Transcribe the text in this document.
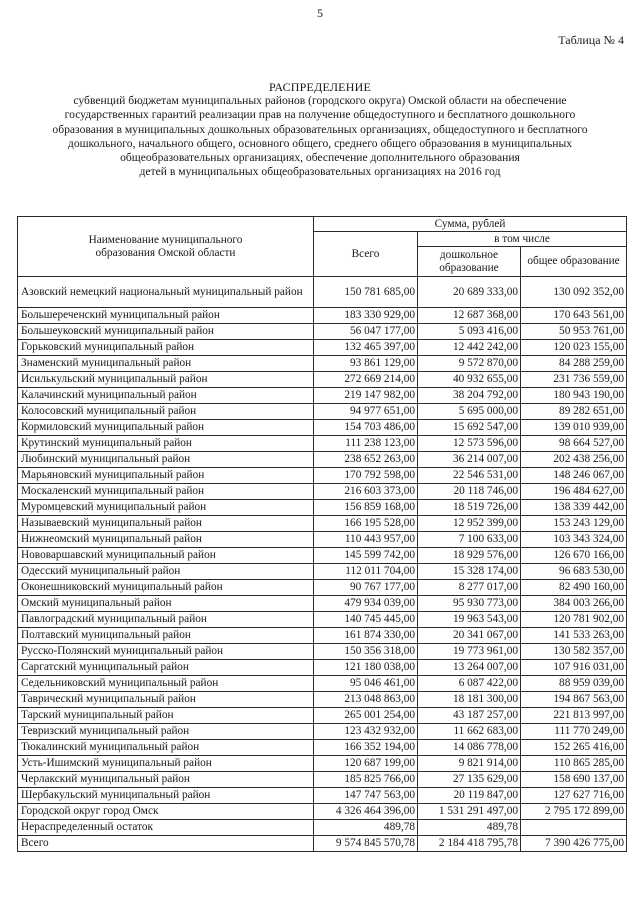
5
Таблица № 4
РАСПРЕДЕЛЕНИЕ
субвенций бюджетам муниципальных районов (городского округа) Омской области на обеспечение
государственных гарантий реализации прав на получение общедоступного и бесплатного дошкольного
образования в муниципальных дошкольных образовательных организациях, общедоступного и бесплатного
дошкольного, начального общего, основного общего, среднего общего образования в муниципальных
общеобразовательных организациях, обеспечение дополнительного образования
детей в муниципальных общеобразовательных организациях на 2016 год
Наименование муниципального образования Омской области	Сумма, рублей		
	Всего	в том числе	
		дошкольное образование	общее образование
Азовский немецкий национальный муниципальный район	150 781 685,00	20 689 333,00	130 092 352,00
Большереченский муниципальный район	183 330 929,00	12 687 368,00	170 643 561,00
Большеуковский муниципальный район	56 047 177,00	5 093 416,00	50 953 761,00
Горьковский муниципальный район	132 465 397,00	12 442 242,00	120 023 155,00
Знаменский муниципальный район	93 861 129,00	9 572 870,00	84 288 259,00
Исилькульский муниципальный район	272 669 214,00	40 932 655,00	231 736 559,00
Калачинский муниципальный район	219 147 982,00	38 204 792,00	180 943 190,00
Колосовский муниципальный район	94 977 651,00	5 695 000,00	89 282 651,00
Кормиловский муниципальный район	154 703 486,00	15 692 547,00	139 010 939,00
Крутинский муниципальный район	111 238 123,00	12 573 596,00	98 664 527,00
Любинский муниципальный район	238 652 263,00	36 214 007,00	202 438 256,00
Марьяновский муниципальный район	170 792 598,00	22 546 531,00	148 246 067,00
Москаленский муниципальный район	216 603 373,00	20 118 746,00	196 484 627,00
Муромцевский муниципальный район	156 859 168,00	18 519 726,00	138 339 442,00
Называевский муниципальный район	166 195 528,00	12 952 399,00	153 243 129,00
Нижнеомский муниципальный район	110 443 957,00	7 100 633,00	103 343 324,00
Нововаршавский муниципальный район	145 599 742,00	18 929 576,00	126 670 166,00
Одесский муниципальный район	112 011 704,00	15 328 174,00	96 683 530,00
Оконешниковский муниципальный район	90 767 177,00	8 277 017,00	82 490 160,00
Омский муниципальный район	479 934 039,00	95 930 773,00	384 003 266,00
Павлоградский муниципальный район	140 745 445,00	19 963 543,00	120 781 902,00
Полтавский муниципальный район	161 874 330,00	20 341 067,00	141 533 263,00
Русско-Полянский муниципальный район	150 356 318,00	19 773 961,00	130 582 357,00
Саргатский муниципальный район	121 180 038,00	13 264 007,00	107 916 031,00
Седельниковский муниципальный район	95 046 461,00	6 087 422,00	88 959 039,00
Таврический муниципальный район	213 048 863,00	18 181 300,00	194 867 563,00
Тарский муниципальный район	265 001 254,00	43 187 257,00	221 813 997,00
Тевризский муниципальный район	123 432 932,00	11 662 683,00	111 770 249,00
Тюкалинский муниципальный район	166 352 194,00	14 086 778,00	152 265 416,00
Усть-Ишимский муниципальный район	120 687 199,00	9 821 914,00	110 865 285,00
Черлакский муниципальный район	185 825 766,00	27 135 629,00	158 690 137,00
Шербакульский муниципальный район	147 747 563,00	20 119 847,00	127 627 716,00
Городской округ город Омск	4 326 464 396,00	1 531 291 497,00	2 795 172 899,00
Нераспределенный остаток	489,78	489,78	
Всего	9 574 845 570,78	2 184 418 795,78	7 390 426 775,00
